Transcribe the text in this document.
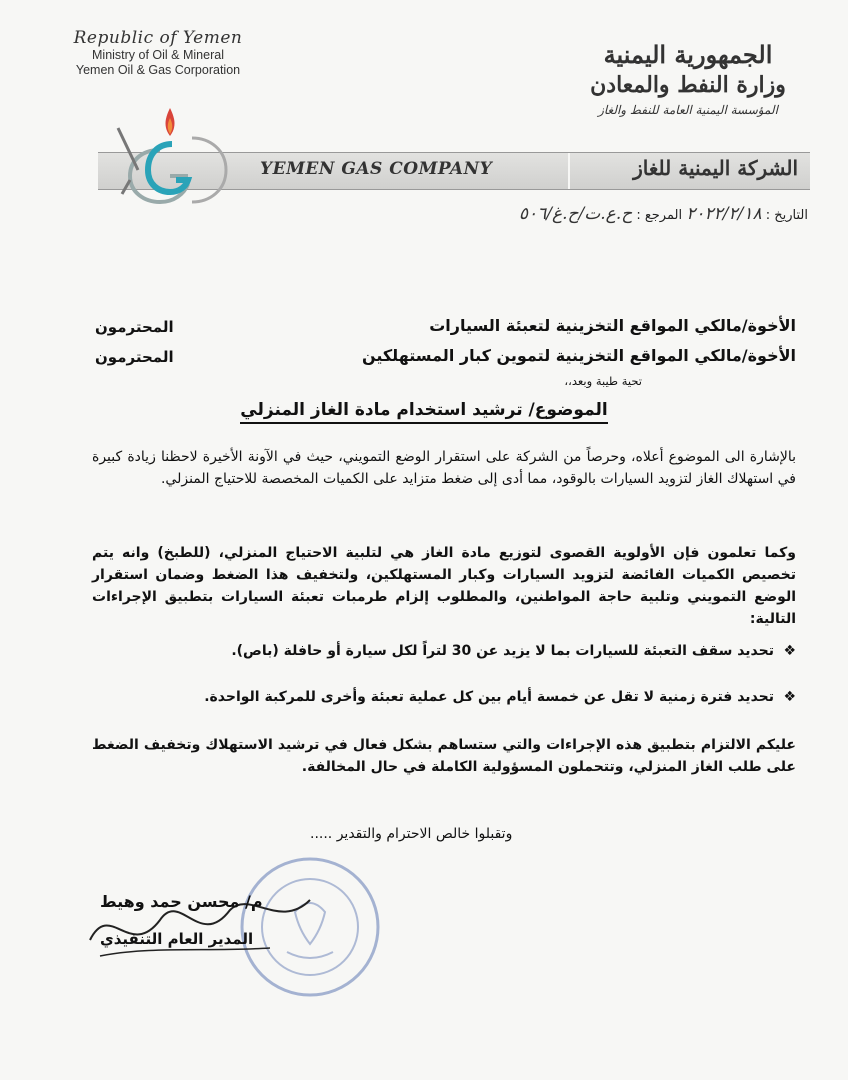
Republic of Yemen
Ministry of Oil & Mineral
Yemen Oil & Gas Corporation
الجمهورية اليمنية
وزارة النفط والمعادن
المؤسسة اليمنية العامة للنفط والغاز
YEMEN GAS COMPANY	الشركة اليمنية للغاز
التاريخ : ٢٠٢٢/٢/١٨ المرجع : ح.ع.ت/ح.غ/٥٠٦
الأخوة/مالكي المواقع التخزينية لتعبئة السيارات
المحترمون
الأخوة/مالكي المواقع التخزينية لتموين كبار المستهلكين
المحترمون
تحية طيبة وبعد،،
الموضوع/ ترشيد استخدام مادة الغاز المنزلي
بالإشارة الى الموضوع أعلاه، وحرصاً من الشركة على استقرار الوضع التمويني، حيث في الآونة الأخيرة لاحظنا زيادة كبيرة في استهلاك الغاز لتزويد السيارات بالوقود، مما أدى إلى ضغط متزايد على الكميات المخصصة للاحتياج المنزلي.
وكما تعلمون فإن الأولوية القصوى لتوزيع مادة الغاز هي لتلبية الاحتياج المنزلي، (للطبخ) وانه يتم تخصيص الكميات الفائضة لتزويد السيارات وكبار المستهلكين، ولتخفيف هذا الضغط وضمان استقرار الوضع التمويني وتلبية حاجة المواطنين، والمطلوب إلزام طرمبات تعبئة السيارات بتطبيق الإجراءات التالية:
❖تحديد سقف التعبئة للسيارات بما لا يزيد عن 30 لتراً لكل سيارة أو حافلة (باص).
❖تحديد فترة زمنية لا تقل عن خمسة أيام بين كل عملية تعبئة وأخرى للمركبة الواحدة.
عليكم الالتزام بتطبيق هذه الإجراءات والتي ستساهم بشكل فعال في ترشيد الاستهلاك وتخفيف الضغط على طلب الغاز المنزلي، وتتحملون المسؤولية الكاملة في حال المخالفة.
وتقبلوا خالص الاحترام والتقدير .....
م/ محسن حمد وهيط
المدير العام التنفيذي
